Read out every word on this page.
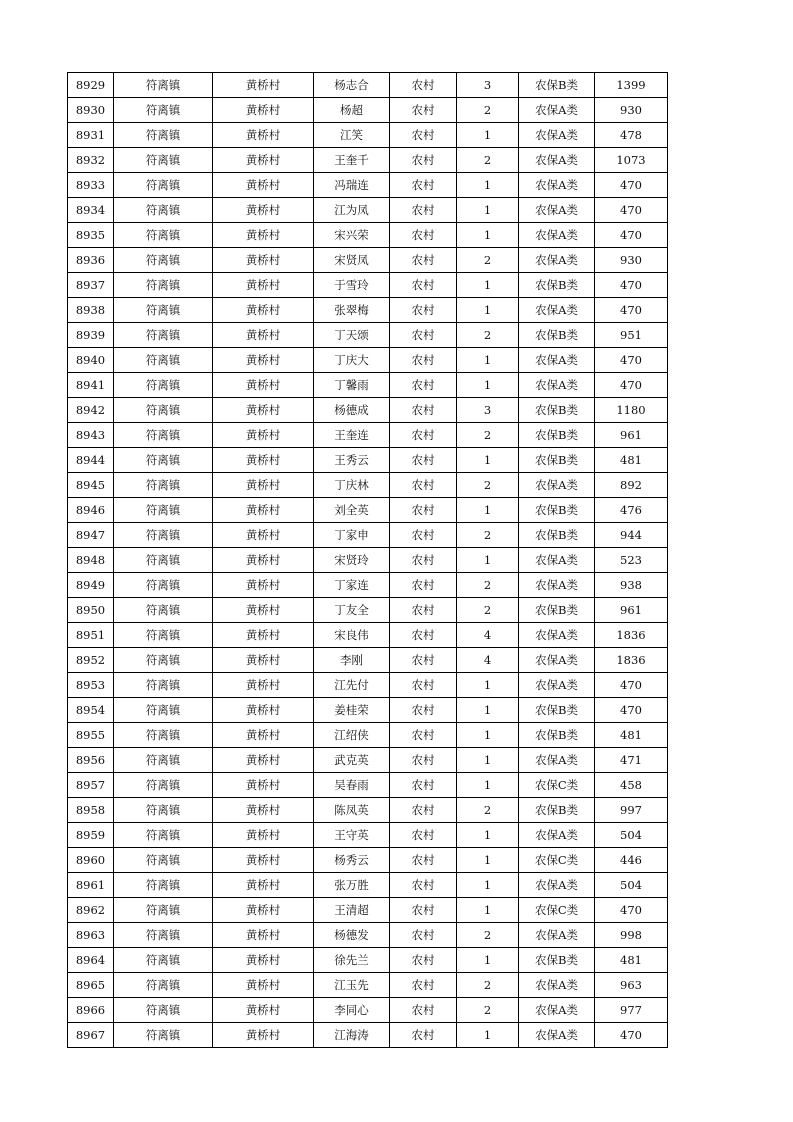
8929	符离镇	黄桥村	杨志合	农村	3	农保B类	1399
8930	符离镇	黄桥村	杨超	农村	2	农保A类	930
8931	符离镇	黄桥村	江笑	农村	1	农保A类	478
8932	符离镇	黄桥村	王奎千	农村	2	农保A类	1073
8933	符离镇	黄桥村	冯瑞连	农村	1	农保A类	470
8934	符离镇	黄桥村	江为凤	农村	1	农保A类	470
8935	符离镇	黄桥村	宋兴荣	农村	1	农保A类	470
8936	符离镇	黄桥村	宋贤凤	农村	2	农保A类	930
8937	符离镇	黄桥村	于雪玲	农村	1	农保B类	470
8938	符离镇	黄桥村	张翠梅	农村	1	农保A类	470
8939	符离镇	黄桥村	丁天颂	农村	2	农保B类	951
8940	符离镇	黄桥村	丁庆大	农村	1	农保A类	470
8941	符离镇	黄桥村	丁馨雨	农村	1	农保A类	470
8942	符离镇	黄桥村	杨德成	农村	3	农保B类	1180
8943	符离镇	黄桥村	王奎连	农村	2	农保B类	961
8944	符离镇	黄桥村	王秀云	农村	1	农保B类	481
8945	符离镇	黄桥村	丁庆林	农村	2	农保A类	892
8946	符离镇	黄桥村	刘全英	农村	1	农保B类	476
8947	符离镇	黄桥村	丁家申	农村	2	农保B类	944
8948	符离镇	黄桥村	宋贤玲	农村	1	农保A类	523
8949	符离镇	黄桥村	丁家连	农村	2	农保A类	938
8950	符离镇	黄桥村	丁友全	农村	2	农保B类	961
8951	符离镇	黄桥村	宋良伟	农村	4	农保A类	1836
8952	符离镇	黄桥村	李刚	农村	4	农保A类	1836
8953	符离镇	黄桥村	江先付	农村	1	农保A类	470
8954	符离镇	黄桥村	姜桂荣	农村	1	农保B类	470
8955	符离镇	黄桥村	江绍侠	农村	1	农保B类	481
8956	符离镇	黄桥村	武克英	农村	1	农保A类	471
8957	符离镇	黄桥村	吴春雨	农村	1	农保C类	458
8958	符离镇	黄桥村	陈凤英	农村	2	农保B类	997
8959	符离镇	黄桥村	王守英	农村	1	农保A类	504
8960	符离镇	黄桥村	杨秀云	农村	1	农保C类	446
8961	符离镇	黄桥村	张万胜	农村	1	农保A类	504
8962	符离镇	黄桥村	王清超	农村	1	农保C类	470
8963	符离镇	黄桥村	杨德发	农村	2	农保A类	998
8964	符离镇	黄桥村	徐先兰	农村	1	农保B类	481
8965	符离镇	黄桥村	江玉先	农村	2	农保A类	963
8966	符离镇	黄桥村	李同心	农村	2	农保A类	977
8967	符离镇	黄桥村	江海涛	农村	1	农保A类	470
